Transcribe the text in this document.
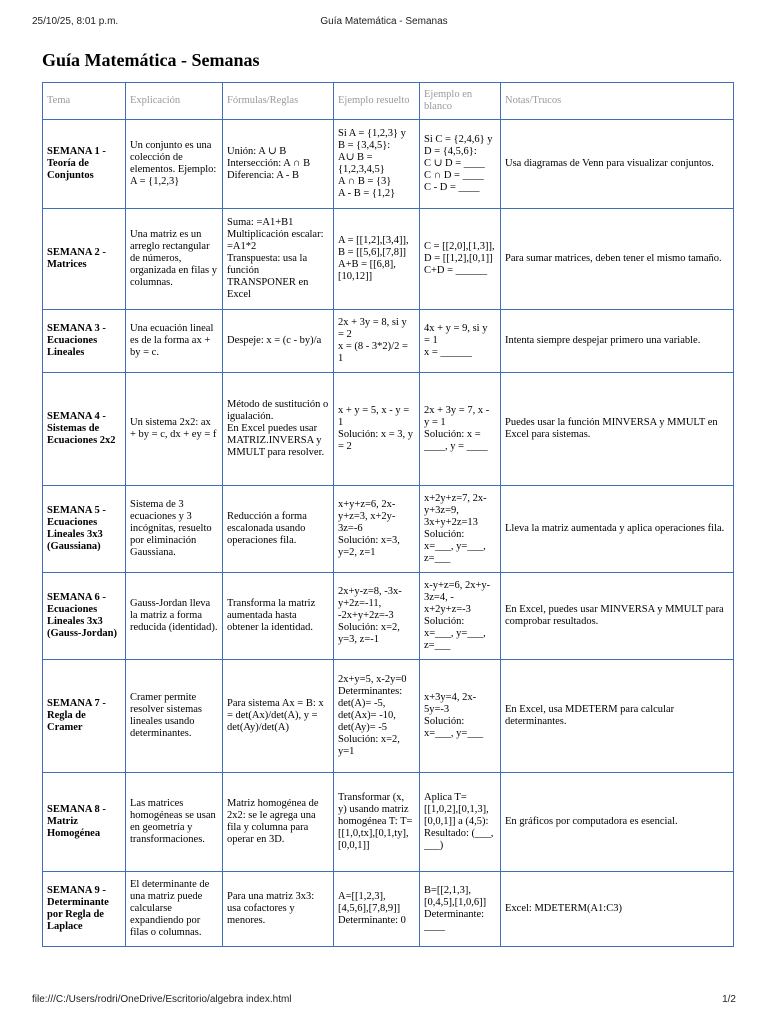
25/10/25, 8:01 p.m.	Guía Matemática - Semanas
Guía Matemática - Semanas
Tema	Explicación	Fórmulas/Reglas	Ejemplo resuelto	Ejemplo en blanco	Notas/Trucos
SEMANA 1 - Teoría de Conjuntos	Un conjunto es una colección de elementos. Ejemplo: A = {1,2,3}	Unión: A ∪ B
Intersección: A ∩ B
Diferencia: A - B	Si A = {1,2,3} y B = {3,4,5}:
A∪ B = {1,2,3,4,5}
A ∩ B = {3}
A - B = {1,2}	Si C = {2,4,6} y D = {4,5,6}:
C ∪ D = ____
C ∩ D = ____
C - D = ____	Usa diagramas de Venn para visualizar conjuntos.
SEMANA 2 - Matrices	Una matriz es un arreglo rectangular de números, organizada en filas y columnas.	Suma: =A1+B1
Multiplicación escalar: =A1*2
Transpuesta: usa la función TRANSPONER en Excel	A = [[1,2],[3,4]], B = [[5,6],[7,8]]
A+B = [[6,8],[10,12]]	C = [[2,0],[1,3]], D = [[1,2],[0,1]]
C+D = ______	Para sumar matrices, deben tener el mismo tamaño.
SEMANA 3 - Ecuaciones Lineales	Una ecuación lineal es de la forma ax + by = c.	Despeje: x = (c - by)/a	2x + 3y = 8, si y = 2
x = (8 - 3*2)/2 = 1	4x + y = 9, si y = 1
x = ______	Intenta siempre despejar primero una variable.
SEMANA 4 - Sistemas de Ecuaciones 2x2	Un sistema 2x2: ax + by = c, dx + ey = f	Método de sustitución o igualación.
En Excel puedes usar MATRIZ.INVERSA y MMULT para resolver.	x + y = 5, x - y = 1
Solución: x = 3, y = 2	2x + 3y = 7, x - y = 1
Solución: x = ____, y = ____	Puedes usar la función MINVERSA y MMULT en Excel para sistemas.
SEMANA 5 - Ecuaciones Lineales 3x3 (Gaussiana)	Sistema de 3 ecuaciones y 3 incógnitas, resuelto por eliminación Gaussiana.	Reducción a forma escalonada usando operaciones fila.	x+y+z=6, 2x-y+z=3, x+2y-3z=-6
Solución: x=3, y=2, z=1	x+2y+z=7, 2x-y+3z=9, 3x+y+2z=13
Solución: x=___, y=___, z=___	Lleva la matriz aumentada y aplica operaciones fila.
SEMANA 6 - Ecuaciones Lineales 3x3 (Gauss-Jordan)	Gauss-Jordan lleva la matriz a forma reducida (identidad).	Transforma la matriz aumentada hasta obtener la identidad.	2x+y-z=8, -3x-y+2z=-11, -2x+y+2z=-3
Solución: x=2, y=3, z=-1	x-y+z=6, 2x+y-3z=4, -x+2y+z=-3
Solución: x=___, y=___, z=___	En Excel, puedes usar MINVERSA y MMULT para comprobar resultados.
SEMANA 7 - Regla de Cramer	Cramer permite resolver sistemas lineales usando determinantes.	Para sistema Ax = B: x = det(Ax)/det(A), y = det(Ay)/det(A)	2x+y=5, x-2y=0
Determinantes: det(A)= -5, det(Ax)= -10, det(Ay)= -5
Solución: x=2, y=1	x+3y=4, 2x-5y=-3
Solución: x=___, y=___	En Excel, usa MDETERM para calcular determinantes.
SEMANA 8 - Matriz Homogénea	Las matrices homogéneas se usan en geometría y transformaciones.	Matriz homogénea de 2x2: se le agrega una fila y columna para operar en 3D.	Transformar (x, y) usando matriz homogénea T: T=[[1,0,tx],[0,1,ty],[0,0,1]]	Aplica T=[[1,0,2],[0,1,3],[0,0,1]] a (4,5):
Resultado: (___, ___)	En gráficos por computadora es esencial.
SEMANA 9 - Determinante por Regla de Laplace	El determinante de una matriz puede calcularse expandiendo por filas o columnas.	Para una matriz 3x3: usa cofactores y menores.	A=[[1,2,3],[4,5,6],[7,8,9]]
Determinante: 0	B=[[2,1,3],[0,4,5],[1,0,6]]
Determinante: ____	Excel: MDETERM(A1:C3)
file:///C:/Users/rodri/OneDrive/Escritorio/algebra index.html	1/2
